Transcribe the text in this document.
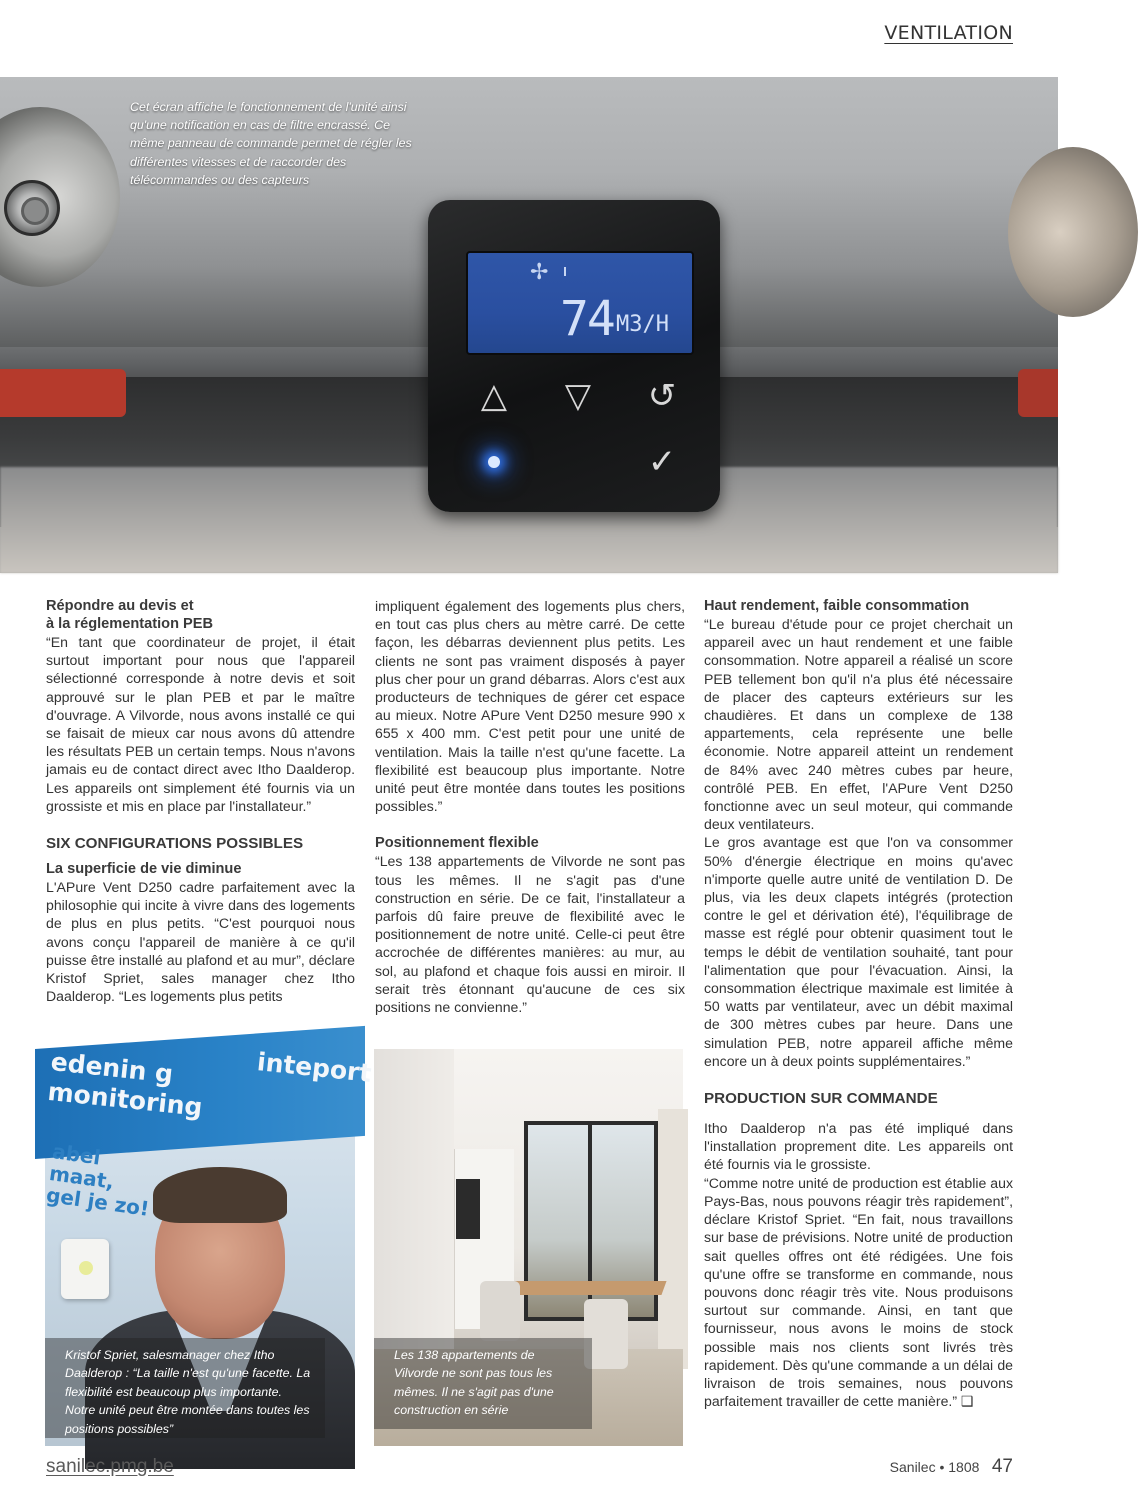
VENTILATION
✢
74 M3/H
△ ▽ ↺
✓
Cet écran affiche le fonctionnement de l'unité ainsi qu'une notification en cas de filtre encrassé. Ce même panneau de commande permet de régler les différentes vitesses et de raccorder des télécommandes ou des capteurs
Répondre au devis et
à la réglementation PEB

“En tant que coordinateur de projet, il était surtout important pour nous que l'appareil sélectionné corresponde à notre devis et soit approuvé sur le plan PEB et par le maître d'ouvrage. A Vilvorde, nous avons installé ce qui se faisait de mieux car nous avons dû attendre les résultats PEB un certain temps. Nous n'avons jamais eu de contact direct avec Itho Daalderop. Les appareils ont simplement été fournis via un grossiste et mis en place par l'installateur.”

SIX CONFIGURATIONS POSSIBLES
La superficie de vie diminue

L'APure Vent D250 cadre parfaitement avec la philosophie qui incite à vivre dans des logements de plus en plus petits. “C'est pourquoi nous avons conçu l'appareil de manière à ce qu'il puisse être installé au plafond et au mur”, déclare Kristof Spriet, sales manager chez Itho Daalderop. “Les logements plus petits

impliquent également des logements plus chers, en tout cas plus chers au mètre carré. De cette façon, les débarras deviennent plus petits. Les clients ne sont pas vraiment disposés à payer plus cher pour un grand débarras. Alors c'est aux producteurs de techniques de gérer cet espace au mieux. Notre APure Vent D250 mesure 990 x 655 x 400 mm. C'est petit pour une unité de ventilation. Mais la taille n'est qu'une facette. La flexibilité est beaucoup plus importante. Notre unité peut être montée dans toutes les positions possibles.”

Positionnement flexible

“Les 138 appartements de Vilvorde ne sont pas tous les mêmes. Il ne s'agit pas d'une construction en série. De ce fait, l'installateur a parfois dû faire preuve de flexibilité avec le positionnement de notre unité. Celle-ci peut être accrochée de différentes manières: au mur, au sol, au plafond et chaque fois aussi en miroir. Il serait très étonnant qu'aucune de ces six positions ne convienne.”

Haut rendement, faible consommation

“Le bureau d'étude pour ce projet cherchait un appareil avec un haut rendement et une faible consommation. Notre appareil a réalisé un score PEB tellement bon qu'il n'a plus été nécessaire de placer des capteurs extérieurs sur les chaudières. Et dans un complexe de 138 appartements, cela représente une belle économie. Notre appareil atteint un rendement de 84% avec 240 mètres cubes par heure, contrôlé PEB. En effet, l'APure Vent D250 fonctionne avec un seul moteur, qui commande deux ventilateurs.

Le gros avantage est que l'on va consommer 50% d'énergie électrique en moins qu'avec n'importe quelle autre unité de ventilation D. De plus, via les deux clapets intégrés (protection contre le gel et dérivation été), l'équilibrage de masse est réglé pour obtenir quasiment tout le temps le débit de ventilation souhaité, tant pour l'alimentation que pour l'évacuation. Ainsi, la consommation électrique maximale est limitée à 50 watts par ventilateur, avec un débit maximal de 300 mètres cubes par heure. Dans une simulation PEB, notre appareil affiche même encore un à deux points supplémentaires.”

PRODUCTION SUR COMMANDE

Itho Daalderop n'a pas été impliqué dans l'installation proprement dite. Les appareils ont été fournis via le grossiste.

“Comme notre unité de production est établie aux Pays-Bas, nous pouvons réagir très rapidement”, déclare Kristof Spriet. “En fait, nous travaillons sur base de prévisions. Notre unité de production sait quelles offres ont été rédigées. Une fois qu'une offre se transforme en commande, nous pouvons donc réagir très vite. Nous produisons surtout sur commande. Ainsi, en tant que fournisseur, nous avons le moins de stock possible mais nos clients sont livrés très rapidement. Dès qu'une commande a un délai de livraison de trois semaines, nous pouvons parfaitement travailler de cette manière.” ❑

edenin g
monitoring
inteport
abel
maat,
gel je zo!
Kristof Spriet, salesmanager chez Itho Daalderop : “La taille n'est qu'une facette. La flexibilité est beaucoup plus importante. Notre unité peut être montée dans toutes les positions possibles”
Les 138 appartements de Vilvorde ne sont pas tous les mêmes. Il ne s'agit pas d'une construction en série
sanilec.pmg.be	Sanilec • 1808 47
